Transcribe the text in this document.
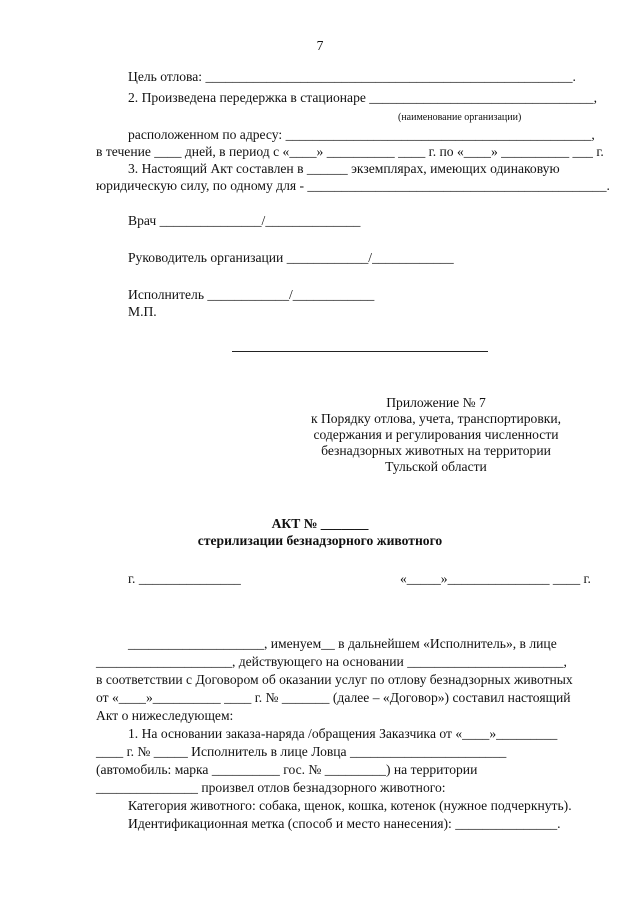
7
Цель отлова: ______________________________________________________.
2. Произведена передержка в стационаре _________________________________,
(наименование организации)
расположенном по адресу: _____________________________________________,
в течение ____ дней, в период с «____» __________ ____ г. по «____» __________ ___ г.
3. Настоящий Акт составлен в ______ экземплярах, имеющих одинаковую
юридическую силу, по одному для - ____________________________________________.
Врач _______________/______________
Руководитель организации ____________/____________
Исполнитель ____________/____________
М.П.
Приложение № 7
к Порядку отлова, учета, транспортировки,
содержания и регулирования численности
безнадзорных животных на территории
Тульской области
АКТ № _______
стерилизации безнадзорного животного
г. _______________	«_____»_______________ ____ г.
____________________, именуем__ в дальнейшем «Исполнитель», в лице
____________________, действующего на основании _______________________,
в соответствии с Договором об оказании услуг по отлову безнадзорных животных
от «____»__________ ____ г. № _______ (далее – «Договор») составил настоящий
Акт о нижеследующем:
1. На основании заказа-наряда /обращения Заказчика от «____»_________
____ г. № _____ Исполнитель в лице Ловца _______________________
(автомобиль: марка __________ гос. № _________) на территории
_______________ произвел отлов безнадзорного животного:
Категория животного: собака, щенок, кошка, котенок (нужное подчеркнуть).
Идентификационная метка (способ и место нанесения): _______________.
